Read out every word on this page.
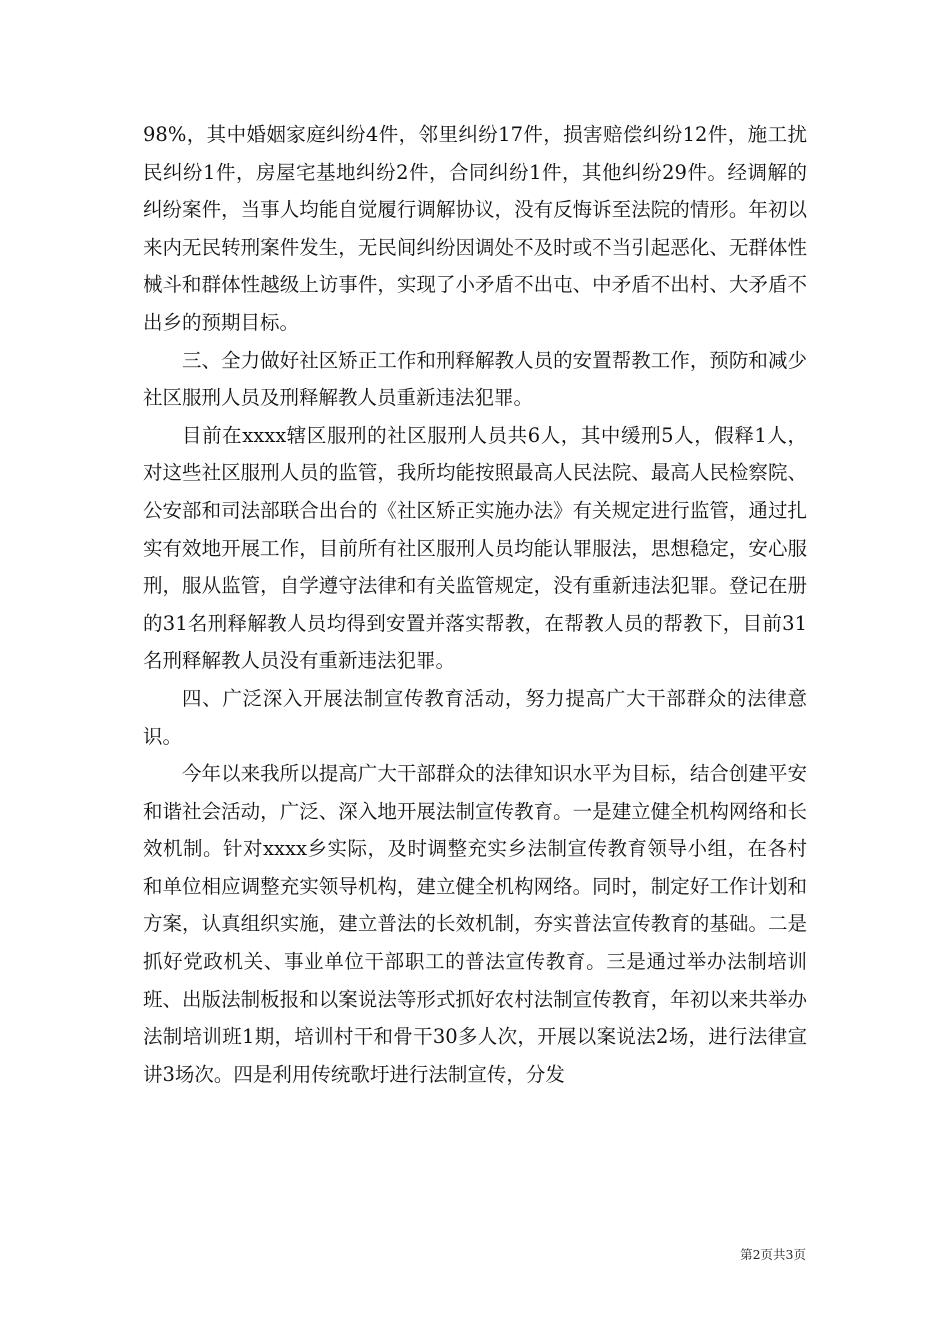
98%，其中婚姻家庭纠纷4件，邻里纠纷17件，损害赔偿纠纷12件，施工扰民纠纷1件，房屋宅基地纠纷2件，合同纠纷1件，其他纠纷29件。经调解的纠纷案件，当事人均能自觉履行调解协议，没有反悔诉至法院的情形。年初以来内无民转刑案件发生，无民间纠纷因调处不及时或不当引起恶化、无群体性械斗和群体性越级上访事件，实现了小矛盾不出屯、中矛盾不出村、大矛盾不出乡的预期目标。

三、全力做好社区矫正工作和刑释解教人员的安置帮教工作，预防和减少社区服刑人员及刑释解教人员重新违法犯罪。

目前在xxxx辖区服刑的社区服刑人员共6人，其中缓刑5人，假释1人，对这些社区服刑人员的监管，我所均能按照最高人民法院、最高人民检察院、公安部和司法部联合出台的《社区矫正实施办法》有关规定进行监管，通过扎实有效地开展工作，目前所有社区服刑人员均能认罪服法，思想稳定，安心服刑，服从监管，自学遵守法律和有关监管规定，没有重新违法犯罪。登记在册的31名刑释解教人员均得到安置并落实帮教，在帮教人员的帮教下，目前31名刑释解教人员没有重新违法犯罪。

四、广泛深入开展法制宣传教育活动，努力提高广大干部群众的法律意识。

今年以来我所以提高广大干部群众的法律知识水平为目标，结合创建平安和谐社会活动，广泛、深入地开展法制宣传教育。一是建立健全机构网络和长效机制。针对xxxx乡实际，及时调整充实乡法制宣传教育领导小组，在各村和单位相应调整充实领导机构，建立健全机构网络。同时，制定好工作计划和方案，认真组织实施，建立普法的长效机制，夯实普法宣传教育的基础。二是抓好党政机关、事业单位干部职工的普法宣传教育。三是通过举办法制培训班、出版法制板报和以案说法等形式抓好农村法制宣传教育，年初以来共举办法制培训班1期，培训村干和骨干30多人次，开展以案说法2场，进行法律宣讲3场次。四是利用传统歌圩进行法制宣传，分发

第2页共3页
